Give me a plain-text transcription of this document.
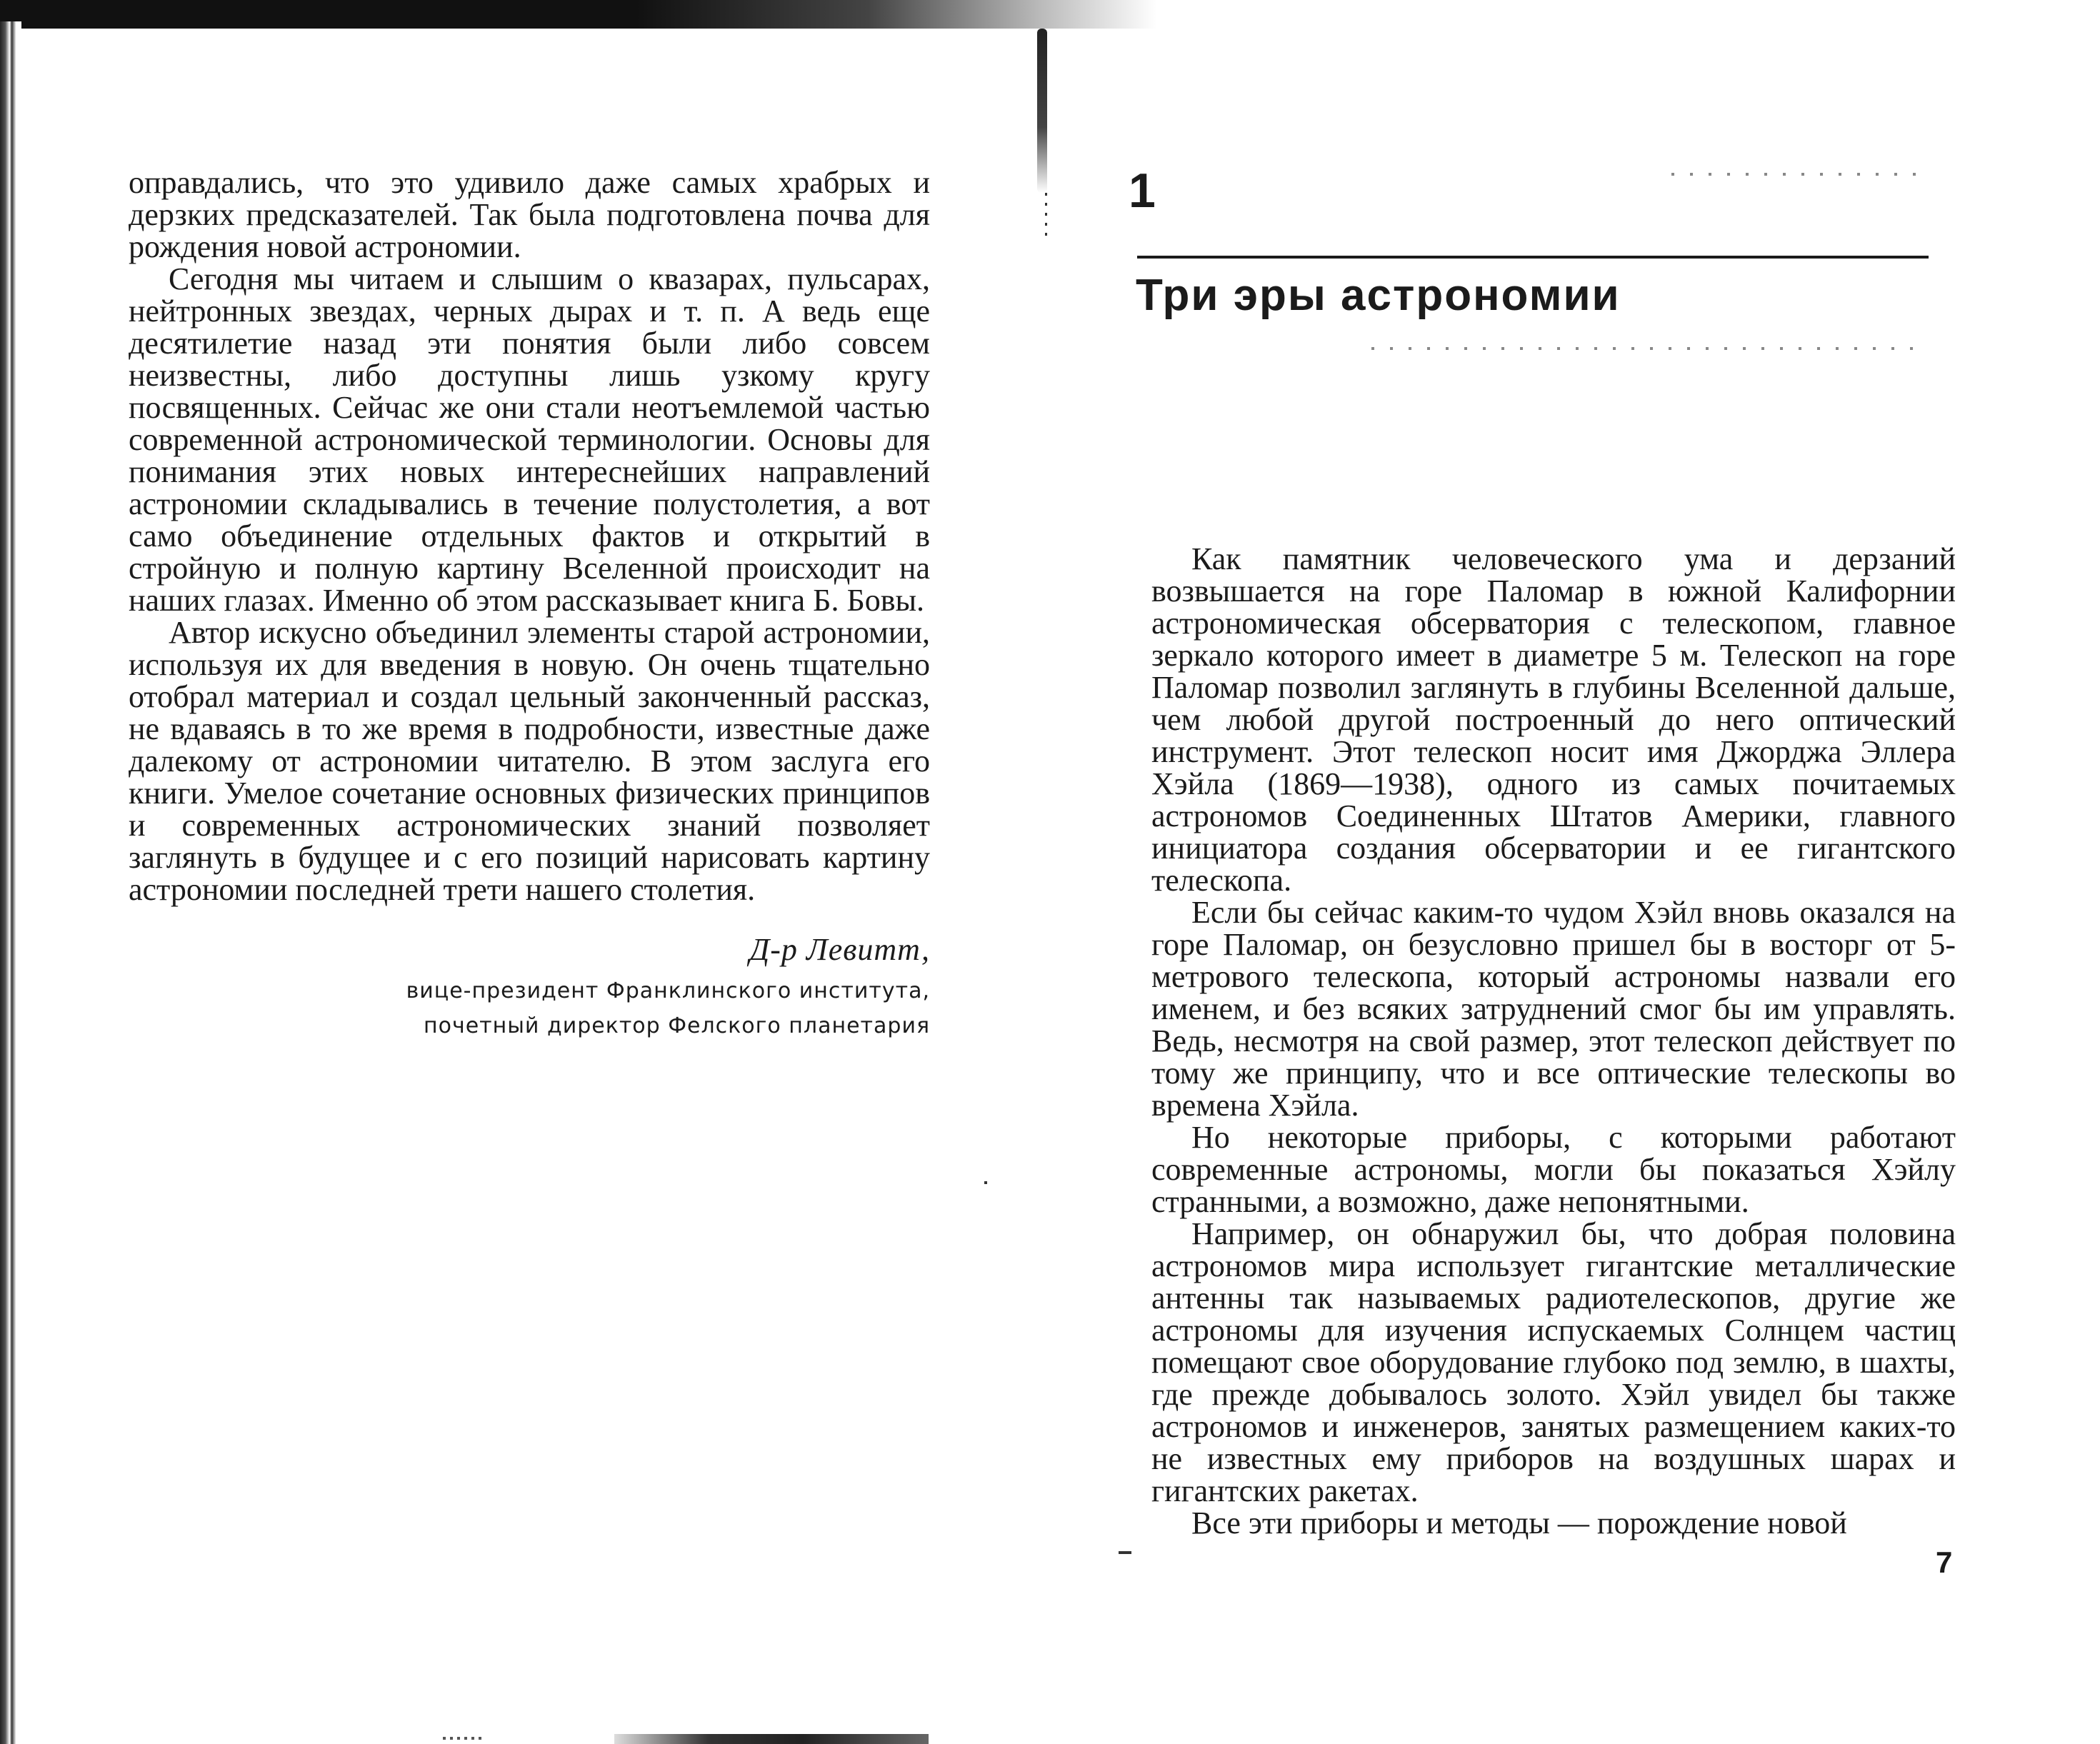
оправдались, что это удивило даже самых храбрых и дерзких предсказателей. Так была подготовлена почва для рождения новой астрономии.

Сегодня мы читаем и слышим о квазарах, пульсарах, нейтронных звездах, черных дырах и т. п. А ведь еще десятилетие назад эти понятия были либо совсем неизвестны, либо доступны лишь узкому кругу посвященных. Сейчас же они стали неотъемлемой частью современной астрономической терминологии. Основы для понимания этих новых интереснейших направлений астрономии складывались в течение полустолетия, а вот само объединение отдельных фактов и открытий в стройную и полную картину Вселенной происходит на наших глазах. Именно об этом рассказывает книга Б. Бовы.

Автор искусно объединил элементы старой астрономии, используя их для введения в новую. Он очень тщательно отобрал материал и создал цельный законченный рассказ, не вдаваясь в то же время в подробности, известные даже далекому от астрономии читателю. В этом заслуга его книги. Умелое сочетание основных физических принципов и современных астрономических знаний позволяет заглянуть в будущее и с его позиций нарисовать картину астрономии последней трети нашего столетия.

Д-р Левитт,
вице-президент Франклинского института,
почетный директор Фелского планетария

1

Три эры астрономии

Как памятник человеческого ума и дерзаний возвышается на горе Паломар в южной Калифорнии астрономическая обсерватория с телескопом, главное зеркало которого имеет в диаметре 5 м. Телескоп на горе Паломар позволил заглянуть в глубины Вселенной дальше, чем любой другой построенный до него оптический инструмент. Этот телескоп носит имя Джорджа Эллера Хэйла (1869—1938), одного из самых почитаемых астрономов Соединенных Штатов Америки, главного инициатора создания обсерватории и ее гигантского телескопа.

Если бы сейчас каким-то чудом Хэйл вновь оказался на горе Паломар, он безусловно пришел бы в восторг от 5-метрового телескопа, который астрономы назвали его именем, и без всяких затруднений смог бы им управлять. Ведь, несмотря на свой размер, этот телескоп действует по тому же принципу, что и все оптические телескопы во времена Хэйла.

Но некоторые приборы, с которыми работают современные астрономы, могли бы показаться Хэйлу странными, а возможно, даже непонятными.

Например, он обнаружил бы, что добрая половина астрономов мира использует гигантские металлические антенны так называемых радиотелескопов, другие же астрономы для изучения испускаемых Солнцем частиц помещают свое оборудование глубоко под землю, в шахты, где прежде добывалось золото. Хэйл увидел бы также астрономов и инженеров, занятых размещением каких-то не известных ему приборов на воздушных шарах и гигантских ракетах.

Все эти приборы и методы — порождение новой

7
